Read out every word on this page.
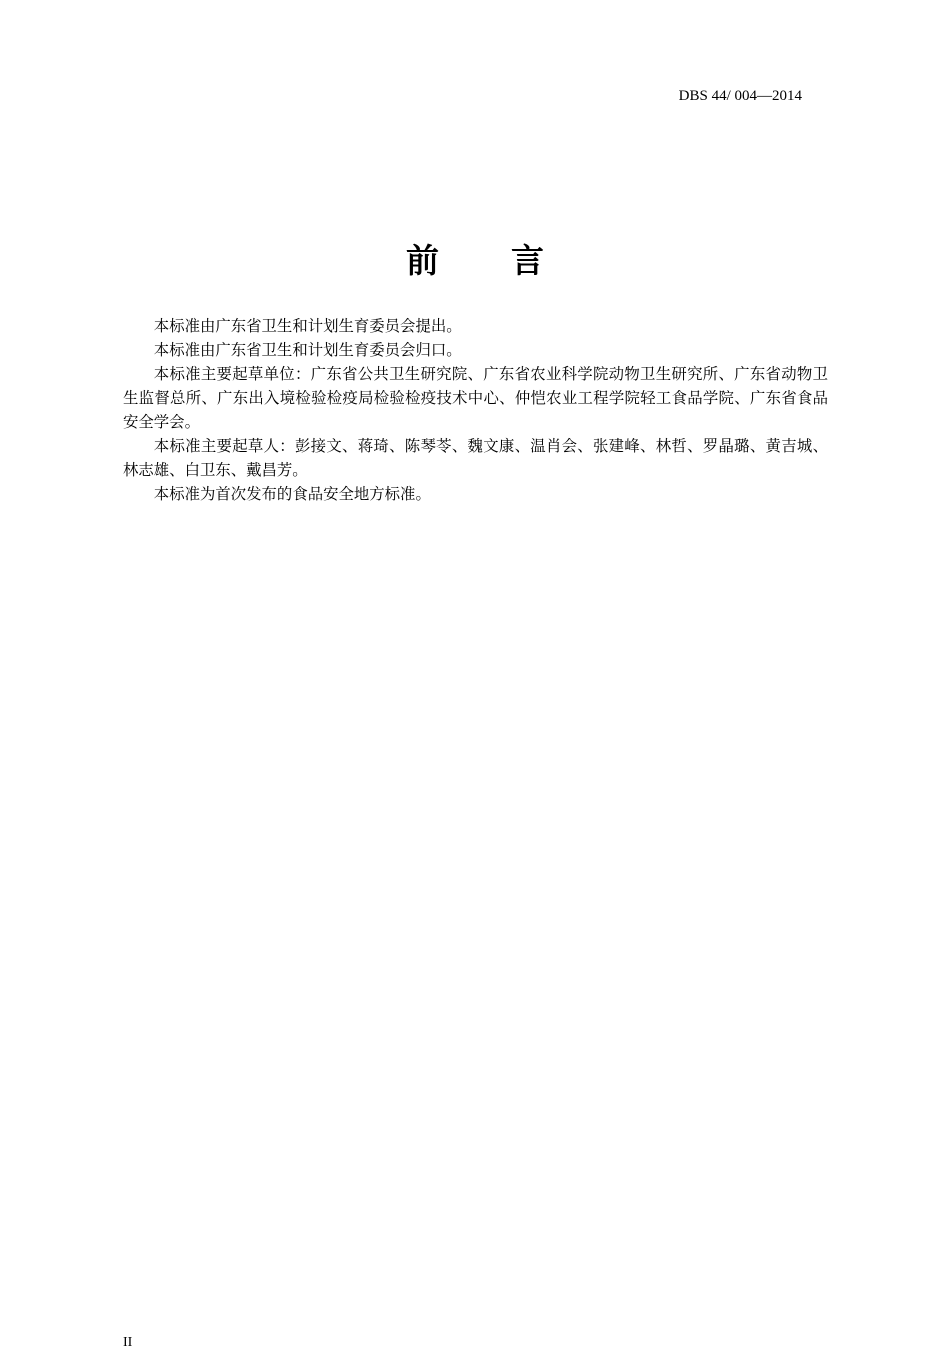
DBS 44/ 004—2014
前言

本标准由广东省卫生和计划生育委员会提出。

本标准由广东省卫生和计划生育委员会归口。

本标准主要起草单位：广东省公共卫生研究院、广东省农业科学院动物卫生研究所、广东省动物卫生监督总所、广东出入境检验检疫局检验检疫技术中心、仲恺农业工程学院轻工食品学院、广东省食品安全学会。

本标准主要起草人：彭接文、蒋琦、陈琴苓、魏文康、温肖会、张建峰、林哲、罗晶璐、黄吉城、林志雄、白卫东、戴昌芳。

本标准为首次发布的食品安全地方标准。

II
